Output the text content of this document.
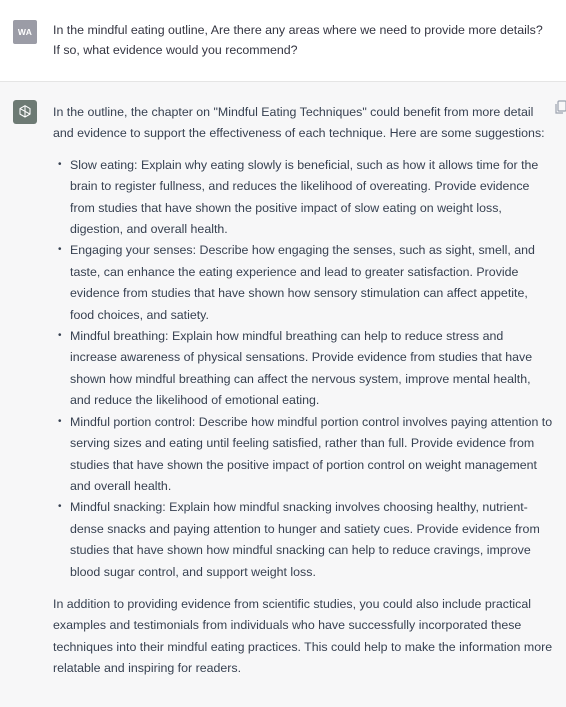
WA	In the mindful eating outline, Are there any areas where we need to provide more details? If so, what evidence would you recommend?

In the outline, the chapter on "Mindful Eating Techniques" could benefit from more detail and evidence to support the effectiveness of each technique. Here are some suggestions:

• Slow eating: Explain why eating slowly is beneficial, such as how it allows time for the brain to register fullness, and reduces the likelihood of overeating. Provide evidence from studies that have shown the positive impact of slow eating on weight loss, digestion, and overall health.
• Engaging your senses: Describe how engaging the senses, such as sight, smell, and taste, can enhance the eating experience and lead to greater satisfaction. Provide evidence from studies that have shown how sensory stimulation can affect appetite, food choices, and satiety.
• Mindful breathing: Explain how mindful breathing can help to reduce stress and increase awareness of physical sensations. Provide evidence from studies that have shown how mindful breathing can affect the nervous system, improve mental health, and reduce the likelihood of emotional eating.
• Mindful portion control: Describe how mindful portion control involves paying attention to serving sizes and eating until feeling satisfied, rather than full. Provide evidence from studies that have shown the positive impact of portion control on weight management and overall health.
• Mindful snacking: Explain how mindful snacking involves choosing healthy, nutrient-dense snacks and paying attention to hunger and satiety cues. Provide evidence from studies that have shown how mindful snacking can help to reduce cravings, improve blood sugar control, and support weight loss.

In addition to providing evidence from scientific studies, you could also include practical examples and testimonials from individuals who have successfully incorporated these techniques into their mindful eating practices. This could help to make the information more relatable and inspiring for readers.
